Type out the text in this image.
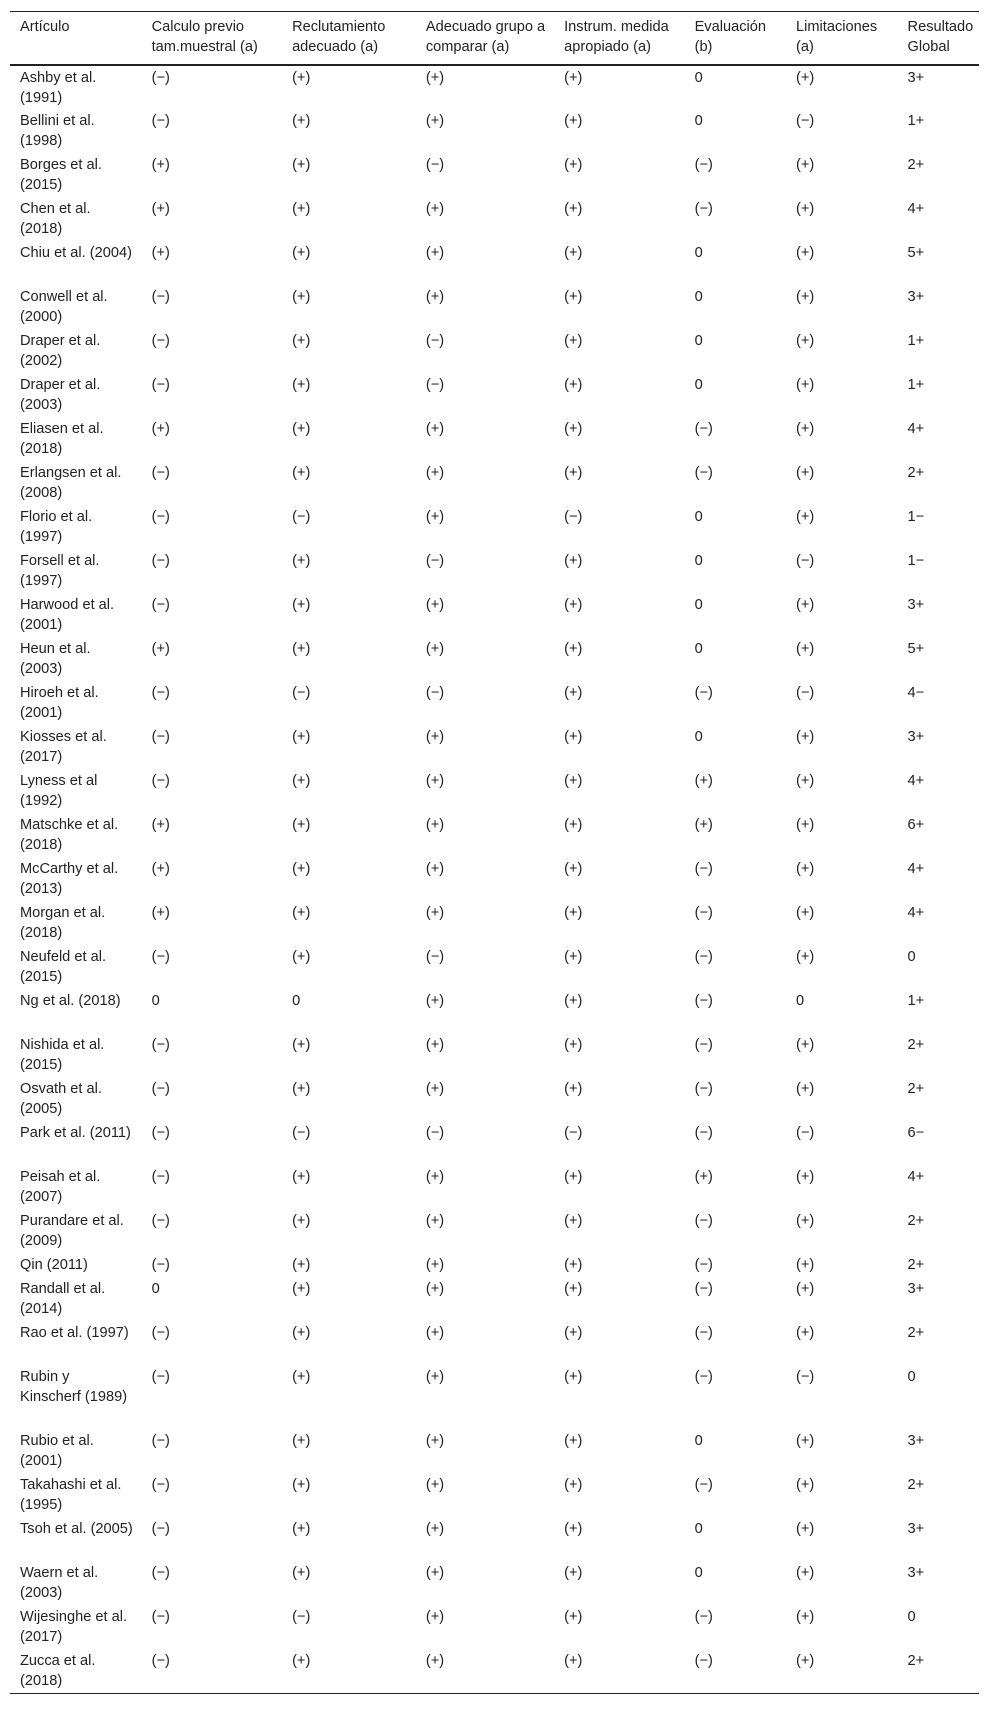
Artículo	Calculo previo tam.muestral (a)	Reclutamiento adecuado (a)	Adecuado grupo a comparar (a)	Instrum. medida apropiado (a)	Evaluación (b)	Limitaciones (a)	Resultado Global
Ashby et al. (1991)	(−)	(+)	(+)	(+)	0	(+)	3+
Bellini et al. (1998)	(−)	(+)	(+)	(+)	0	(−)	1+
Borges et al. (2015)	(+)	(+)	(−)	(+)	(−)	(+)	2+
Chen et al. (2018)	(+)	(+)	(+)	(+)	(−)	(+)	4+
Chiu et al. (2004)	(+)	(+)	(+)	(+)	0	(+)	5+
Conwell et al. (2000)	(−)	(+)	(+)	(+)	0	(+)	3+
Draper et al. (2002)	(−)	(+)	(−)	(+)	0	(+)	1+
Draper et al. (2003)	(−)	(+)	(−)	(+)	0	(+)	1+
Eliasen et al. (2018)	(+)	(+)	(+)	(+)	(−)	(+)	4+
Erlangsen et al. (2008)	(−)	(+)	(+)	(+)	(−)	(+)	2+
Florio et al. (1997)	(−)	(−)	(+)	(−)	0	(+)	1−
Forsell et al. (1997)	(−)	(+)	(−)	(+)	0	(−)	1−
Harwood et al. (2001)	(−)	(+)	(+)	(+)	0	(+)	3+
Heun et al. (2003)	(+)	(+)	(+)	(+)	0	(+)	5+
Hiroeh et al. (2001)	(−)	(−)	(−)	(+)	(−)	(−)	4−
Kiosses et al. (2017)	(−)	(+)	(+)	(+)	0	(+)	3+
Lyness et al (1992)	(−)	(+)	(+)	(+)	(+)	(+)	4+
Matschke et al. (2018)	(+)	(+)	(+)	(+)	(+)	(+)	6+
McCarthy et al. (2013)	(+)	(+)	(+)	(+)	(−)	(+)	4+
Morgan et al. (2018)	(+)	(+)	(+)	(+)	(−)	(+)	4+
Neufeld et al. (2015)	(−)	(+)	(−)	(+)	(−)	(+)	0
Ng et al. (2018)	0	0	(+)	(+)	(−)	0	1+
Nishida et al. (2015)	(−)	(+)	(+)	(+)	(−)	(+)	2+
Osvath et al. (2005)	(−)	(+)	(+)	(+)	(−)	(+)	2+
Park et al. (2011)	(−)	(−)	(−)	(−)	(−)	(−)	6−
Peisah et al. (2007)	(−)	(+)	(+)	(+)	(+)	(+)	4+
Purandare et al. (2009)	(−)	(+)	(+)	(+)	(−)	(+)	2+
Qin (2011)	(−)	(+)	(+)	(+)	(−)	(+)	2+
Randall et al. (2014)	0	(+)	(+)	(+)	(−)	(+)	3+
Rao et al. (1997)	(−)	(+)	(+)	(+)	(−)	(+)	2+
Rubin y Kinscherf (1989)	(−)	(+)	(+)	(+)	(−)	(−)	0
Rubio et al. (2001)	(−)	(+)	(+)	(+)	0	(+)	3+
Takahashi et al. (1995)	(−)	(+)	(+)	(+)	(−)	(+)	2+
Tsoh et al. (2005)	(−)	(+)	(+)	(+)	0	(+)	3+
Waern et al. (2003)	(−)	(+)	(+)	(+)	0	(+)	3+
Wijesinghe et al. (2017)	(−)	(−)	(+)	(+)	(−)	(+)	0
Zucca et al. (2018)	(−)	(+)	(+)	(+)	(−)	(+)	2+
